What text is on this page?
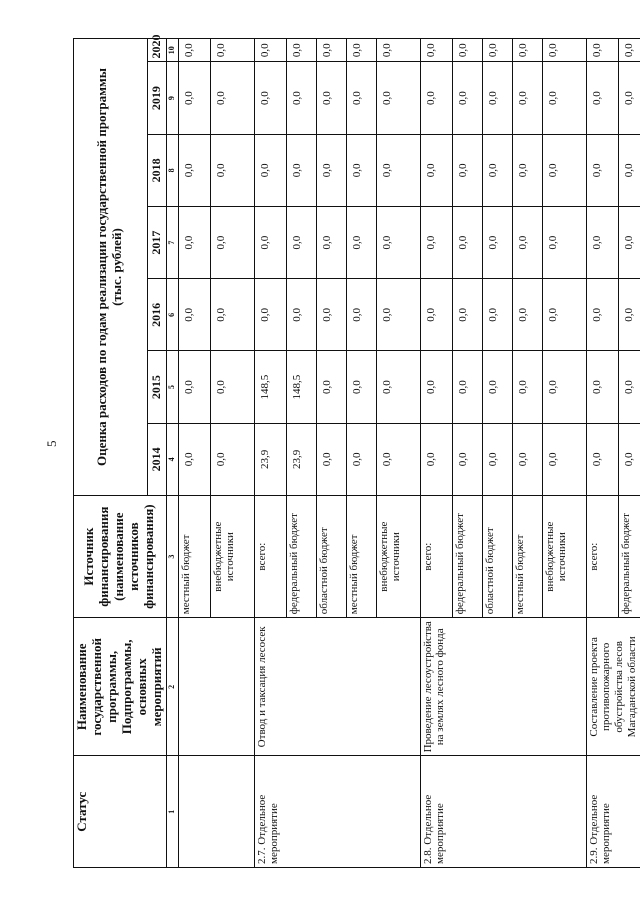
5
Статус	Наименование государственной программы, Подпрограммы, основных мероприятий	Источник финансирования (наименование источников финансирования)	Оценка расходов по годам реализации государственной программы (тыс. рублей)						

			2014	2015	2016	2017	2018	2019	2020
1	2	3	4	5	6	7	8	9	10
		местный бюджет	0,0	0,0	0,0	0,0	0,0	0,0	0,0
		внебюджетные источники	0,0	0,0	0,0	0,0	0,0	0,0	0,0
2.7. Отдельное мероприятие	Отвод и таксация лесосек	всего:	23,9	148,5	0,0	0,0	0,0	0,0	0,0
		федеральный бюджет	23,9	148,5	0,0	0,0	0,0	0,0	0,0
		областной бюджет	0,0	0,0	0,0	0,0	0,0	0,0	0,0
		местный бюджет	0,0	0,0	0,0	0,0	0,0	0,0	0,0
		внебюджетные источники	0,0	0,0	0,0	0,0	0,0	0,0	0,0
2.8. Отдельное мероприятие	Проведение лесоустройства на землях лесного фонда	всего:	0,0	0,0	0,0	0,0	0,0	0,0	0,0
		федеральный бюджет	0,0	0,0	0,0	0,0	0,0	0,0	0,0
		областной бюджет	0,0	0,0	0,0	0,0	0,0	0,0	0,0
		местный бюджет	0,0	0,0	0,0	0,0	0,0	0,0	0,0
		внебюджетные источники	0,0	0,0	0,0	0,0	0,0	0,0	0,0
2.9. Отдельное мероприятие	Составление проекта противопожарного обустройства лесов Магаданской области	всего:	0,0	0,0	0,0	0,0	0,0	0,0	0,0
		федеральный бюджет	0,0	0,0	0,0	0,0	0,0	0,0	0,0
